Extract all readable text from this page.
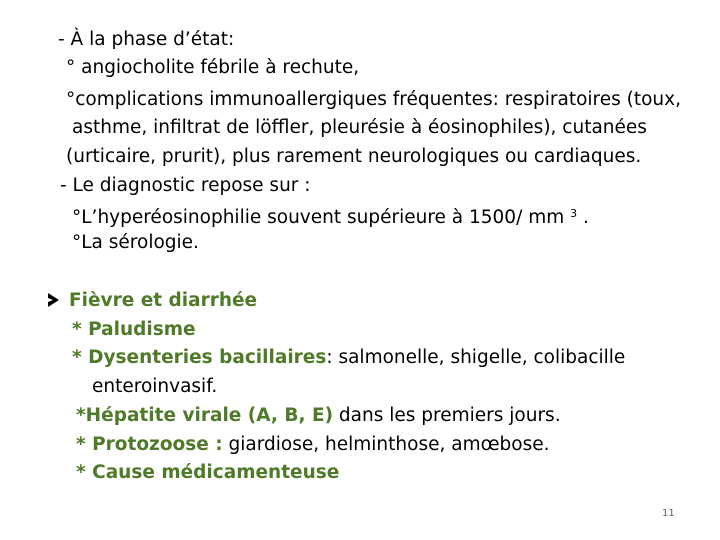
- À la phase d’état:
° angiocholite fébrile à rechute,
°complications immunoallergiques fréquentes: respiratoires (toux,
asthme, infiltrat de löffler, pleurésie à éosinophiles), cutanées
(urticaire, prurit), plus rarement neurologiques ou cardiaques.
- Le diagnostic repose sur :
°L’hyperéosinophilie souvent supérieure à 1500/ mm $^3$ .
°La sérologie.
Fièvre et diarrhée
* Paludisme
* Dysenteries bacillaires: salmonelle, shigelle, colibacille
enteroinvasif.
*Hépatite virale (A, B, E) dans les premiers jours.
* Protozoose : giardiose, helminthose, amœbose.
* Cause médicamenteuse
11
